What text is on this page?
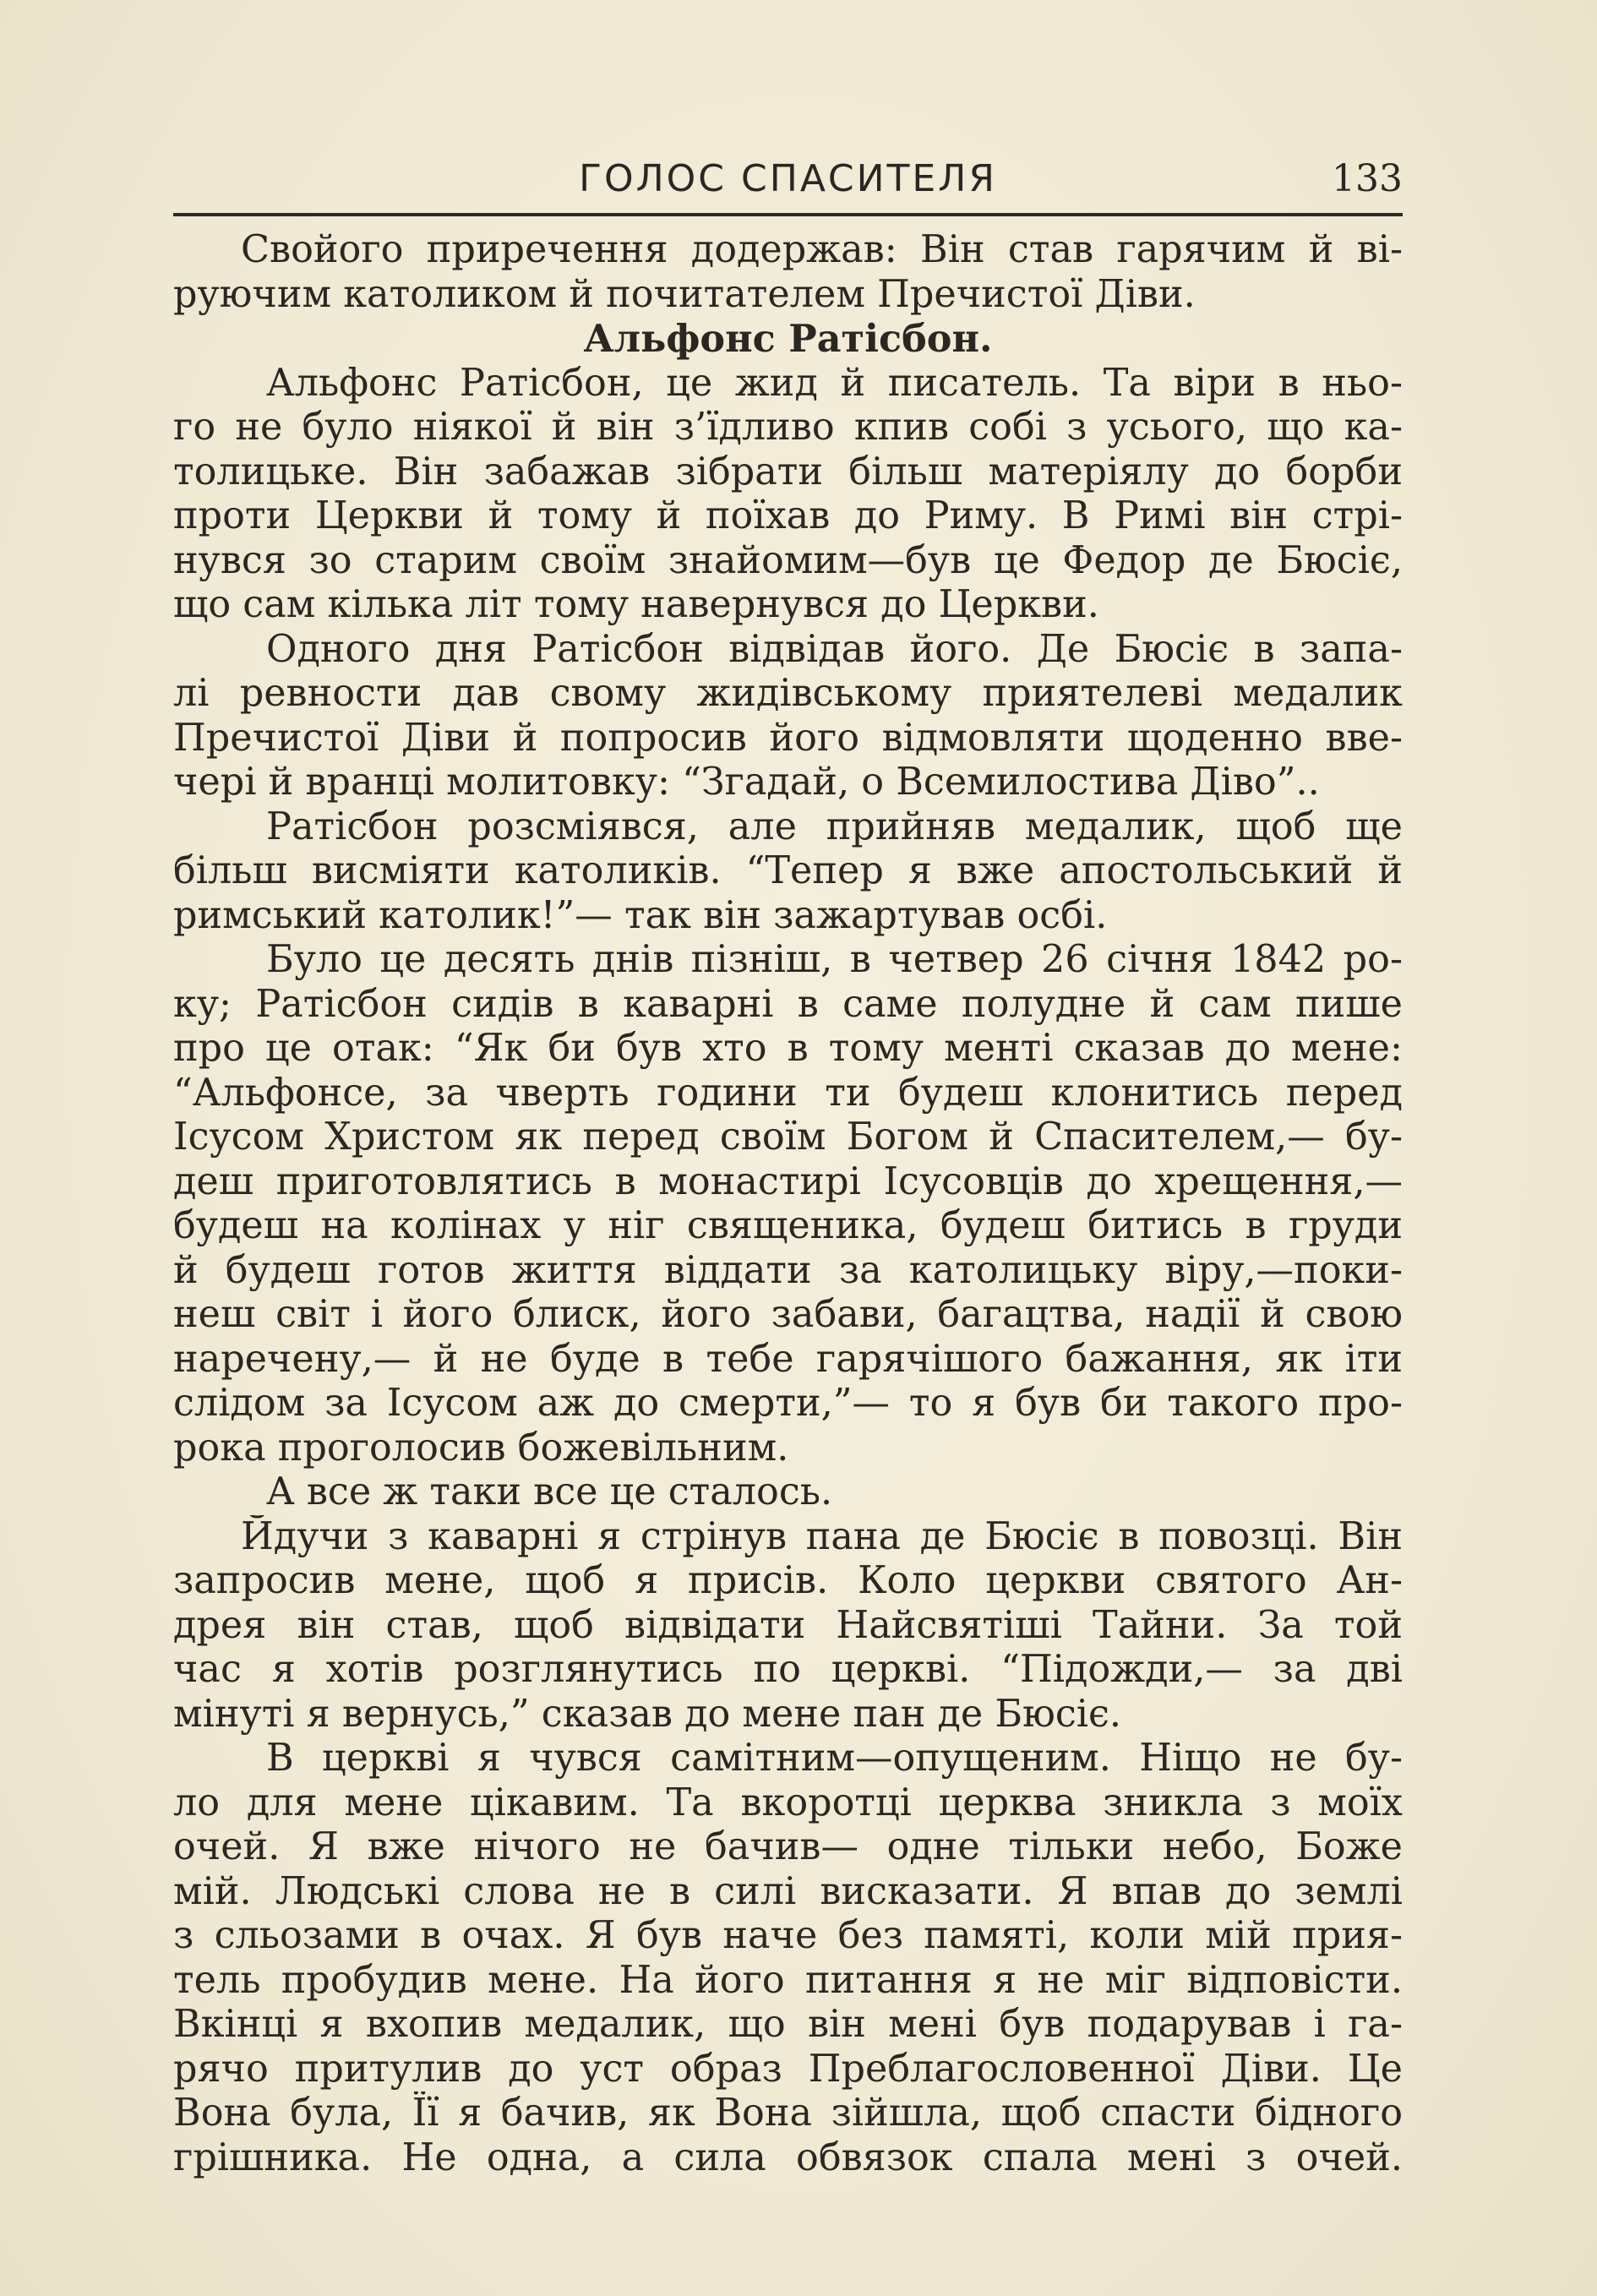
ГОЛОС СПАСИТЕЛЯ	133
Свойого приречення додержав: Він став гарячим й ві-
руючим католиком й почитателем Пречистої Діви.
Альфонс Ратісбон.
Альфонс Ратісбон, це жид й писатель. Та віри в ньо-
го не було ніякої й він з’їдливо кпив собі з усього, що ка-
толицьке. Він забажав зібрати більш матеріялу до борби
проти Церкви й тому й поїхав до Риму. В Римі він стрі-
нувся зо старим своїм знайомим—був це Федор де Бюсіє,
що сам кілька літ тому навернувся до Церкви.
Одного дня Ратісбон відвідав його. Де Бюсіє в запа-
лі ревности дав свому жидівському приятелеві медалик
Пречистої Діви й попросив його відмовляти щоденно вве-
чері й вранці молитовку: “Згадай, о Всемилостива Діво”..
Ратісбон розсміявся, але прийняв медалик, щоб ще
більш висміяти католиків. “Тепер я вже апостольський й
римський католик!”— так він зажартував осбі.
Було це десять днів пізніш, в четвер 26 січня 1842 ро-
ку; Ратісбон сидів в каварні в саме полудне й сам пише
про це отак: “Як би був хто в тому менті сказав до мене:
“Альфонсе, за чверть години ти будеш клонитись перед
Ісусом Христом як перед своїм Богом й Спасителем,— бу-
деш приготовлятись в монастирі Ісусовців до хрещення,—
будеш на колінах у ніг священика, будеш битись в груди
й будеш готов життя віддати за католицьку віру,—поки-
неш світ і його блиск, його забави, багацтва, надії й свою
наречену,— й не буде в тебе гарячішого бажання, як іти
слідом за Ісусом аж до смерти,”— то я був би такого про-
рока проголосив божевільним.
А все ж таки все це сталось.
Йдучи з каварні я стрінув пана де Бюсіє в повозці. Він
запросив мене, щоб я присів. Коло церкви святого Ан-
дрея він став, щоб відвідати Найсвятіші Тайни. За той
час я хотів розглянутись по церкві. “Підожди,— за дві
мінуті я вернусь,” сказав до мене пан де Бюсіє.
В церкві я чувся самітним—опущеним. Ніщо не бу-
ло для мене цікавим. Та вкоротці церква зникла з моїх
очей. Я вже нічого не бачив— одне тільки небо, Боже
мій. Людські слова не в силі висказати. Я впав до землі
з сльозами в очах. Я був наче без памяті, коли мій прия-
тель пробудив мене. На його питання я не міг відповісти.
Вкінці я вхопив медалик, що він мені був подарував і га-
рячо притулив до уст образ Преблагословенної Діви. Це
Вона була, Її я бачив, як Вона зійшла, щоб спасти бідного
грішника. Не одна, а сила обвязок спала мені з очей.
